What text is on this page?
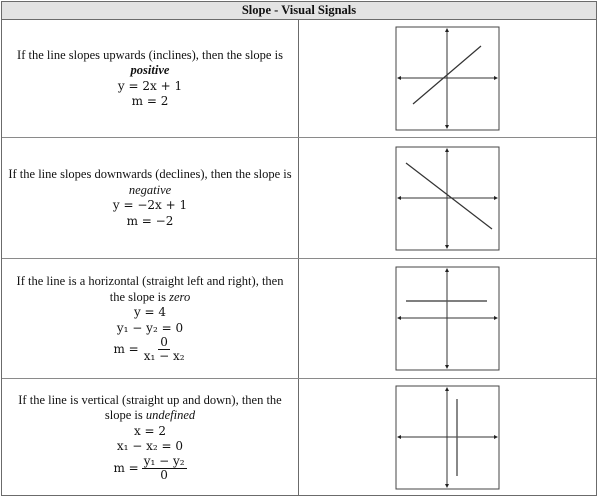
Slope - Visual Signals
If the line slopes upwards (inclines), then the slope is positive
y = 2x + 1
m = 2
If the line slopes downwards (declines), then the slope is negative
y = −2x + 1
m = −2
If the line is a horizontal (straight left and right), then the slope is zero
y = 4
y₁ − y₂ = 0
$m = \frac{0}{\text{x₁ − x₂}}$
If the line is vertical (straight up and down), then the slope is undefined
x = 2
x₁ − x₂ = 0
$m = \frac{\text{y₁ − y₂}}{0}$
